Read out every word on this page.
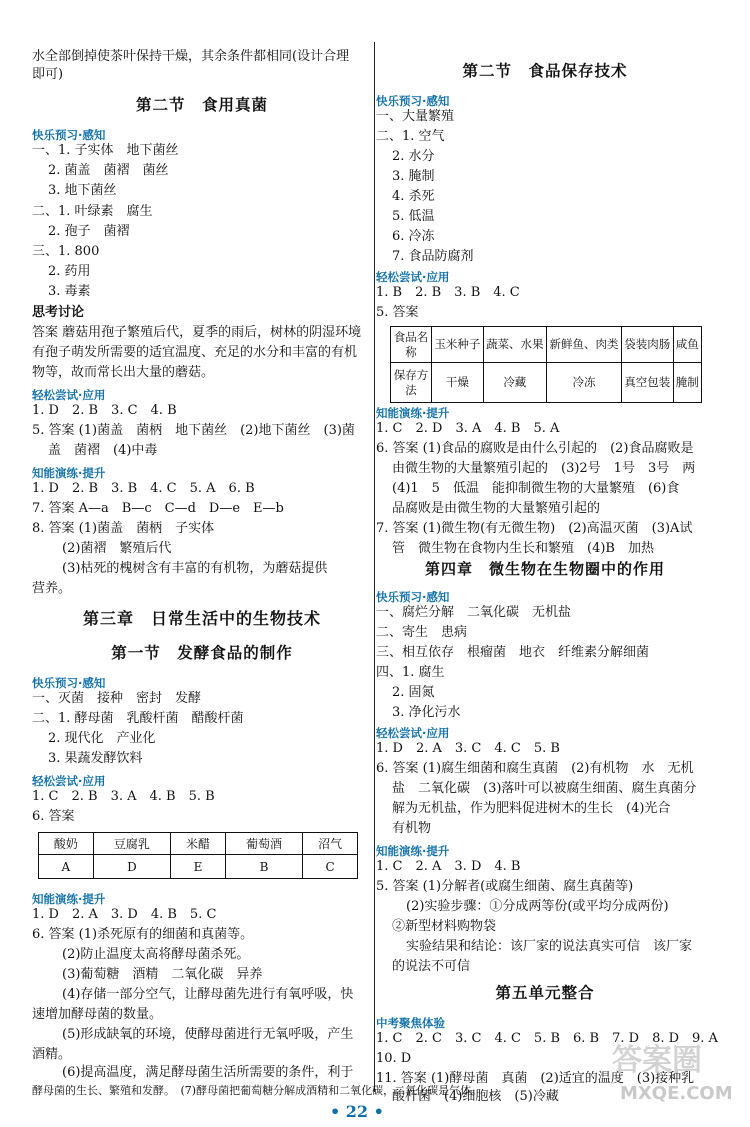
水全部倒掉使茶叶保持干燥，其余条件都相同(设计合理
即可)
第二节　食用真菌
快乐预习·感知
一、1. 子实体　地下菌丝
2. 菌盖　菌褶　菌丝
3. 地下菌丝
二、1. 叶绿素　腐生
2. 孢子　菌褶
三、1. 800
2. 药用
3. 毒素
思考讨论
答案 蘑菇用孢子繁殖后代，夏季的雨后，树林的阴湿环境
有孢子萌发所需要的适宜温度、充足的水分和丰富的有机
物等，故而常长出大量的蘑菇。
轻松尝试·应用
1. D　2. B　3. C　4. B
5. 答案 (1)菌盖　菌柄　地下菌丝　(2)地下菌丝　(3)菌
盖　菌褶　(4)中毒
知能演练·提升
1. D　2. B　3. B　4. C　5. A　6. B
7. 答案 A—a　B—c　C—d　D—e　E—b
8. 答案 (1)菌盖　菌柄　子实体
(2)菌褶　繁殖后代
(3)枯死的槐树含有丰富的有机物，为蘑菇提供
营养。
第三章　日常生活中的生物技术
第一节　发酵食品的制作
快乐预习·感知
一、灭菌　接种　密封　发酵
二、1. 酵母菌　乳酸杆菌　醋酸杆菌
2. 现代化　产业化
3. 果蔬发酵饮料
轻松尝试·应用
1. C　2. B　3. A　4. B　5. B
6. 答案
酸奶	豆腐乳	米醋	葡萄酒	沼气
A	D	E	B	C
知能演练·提升
1. D　2. A　3. D　4. B　5. C
6. 答案 (1)杀死原有的细菌和真菌等。
(2)防止温度太高将酵母菌杀死。
(3)葡萄糖　酒精　二氧化碳　异养
(4)存储一部分空气，让酵母菌先进行有氧呼吸，快
速增加酵母菌的数量。
(5)形成缺氧的环境，使酵母菌进行无氧呼吸，产生
酒精。
(6)提高温度，满足酵母菌生活所需要的条件，利于
酵母菌的生长、繁殖和发酵。　(7)酵母菌把葡萄糖分解成酒精和二氧化碳，二氧化碳是气体。
第二节　食品保存技术
快乐预习·感知
一、大量繁殖
二、1. 空气
2. 水分
3. 腌制
4. 杀死
5. 低温
6. 冷冻
7. 食品防腐剂
轻松尝试·应用
1. B　2. B　3. B　4. C
5. 答案
食品名称	玉米种子	蔬菜、水果	新鲜鱼、肉类	袋装肉肠	咸鱼
保存方法	干燥	冷藏	冷冻	真空包装	腌制
知能演练·提升
1. C　2. D　3. A　4. B　5. A
6. 答案 (1)食品的腐败是由什么引起的　(2)食品腐败是
由微生物的大量繁殖引起的　(3)2号　1号　3号　两
(4)1　5　低温　能抑制微生物的大量繁殖　(6)食
品腐败是由微生物的大量繁殖引起的
7. 答案 (1)微生物(有无微生物)　(2)高温灭菌　(3)A试
管　微生物在食物内生长和繁殖　(4)B　加热
第四章　微生物在生物圈中的作用
快乐预习·感知
一、腐烂分解　二氧化碳　无机盐
二、寄生　患病
三、相互依存　根瘤菌　地衣　纤维素分解细菌
四、1. 腐生
2. 固氮
3. 净化污水
轻松尝试·应用
1. D　2. A　3. C　4. C　5. B
6. 答案 (1)腐生细菌和腐生真菌　(2)有机物　水　无机
盐　二氧化碳　(3)落叶可以被腐生细菌、腐生真菌分
解为无机盐，作为肥料促进树木的生长　(4)光合
有机物
知能演练·提升
1. C　2. A　3. D　4. B
5. 答案 (1)分解者(或腐生细菌、腐生真菌等)
(2)实验步骤：①分成两等份(或平均分成两份)
②新型材料购物袋
实验结果和结论：该厂家的说法真实可信　该厂家
的说法不可信
第五单元整合
中考聚焦体验
1. C　2. C　3. C　4. C　5. B　6. B　7. D　8. D　9. A
10. D
11. 答案 (1)酵母菌　真菌　(2)适宜的温度　(3)接种乳
酸杆菌　(4)细胞核　(5)冷藏
• 22 •
答案圈
MXQE.COM
